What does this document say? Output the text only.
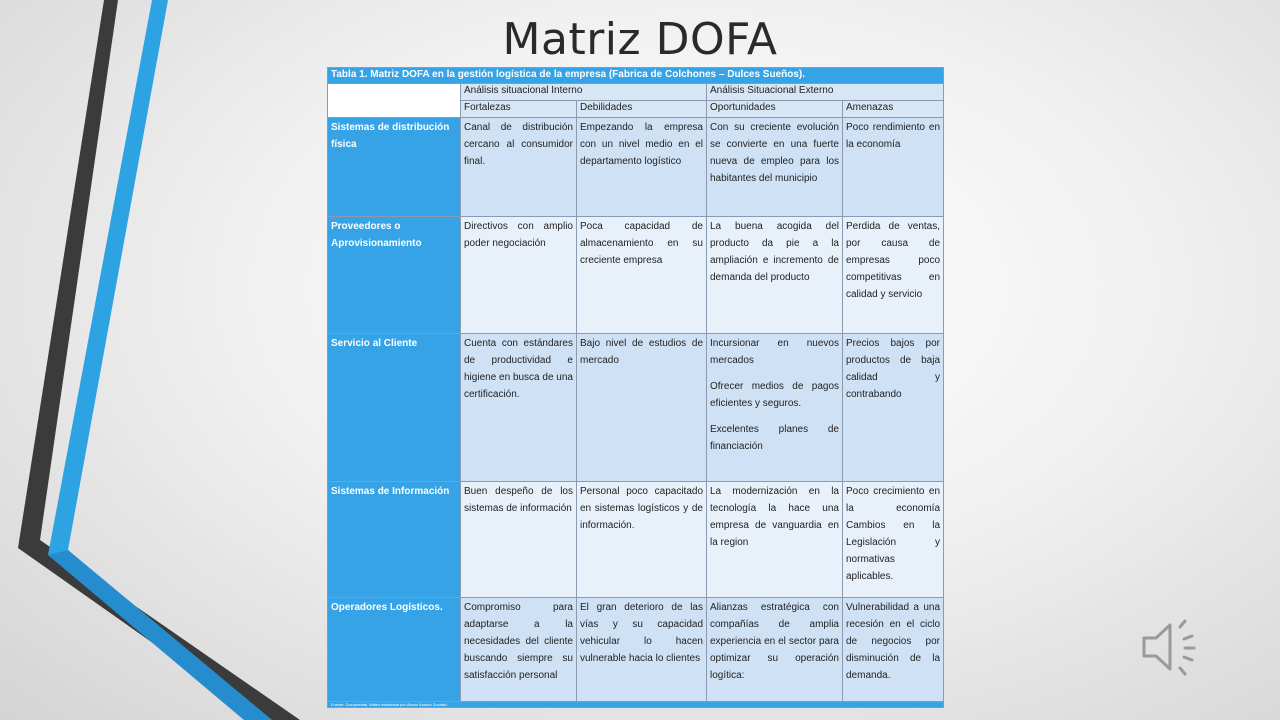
Matriz DOFA
Tabla 1. Matriz DOFA en la gestión logística de la empresa (Fabrica de Colchones – Dulces Sueños).				
	Análisis situacional Interno		Análisis Situacional Externo	
	Fortalezas	Debilidades	Oportunidades	Amenazas
Sistemas de distribución física	Canal de distribución cercano al consumidor final.	Empezando la empresa con un nivel medio en el departamento logístico	Con su creciente evolución se convierte en una fuerte nueva de empleo para los habitantes del municipio	Poco rendimiento en la economía
Proveedores o Aprovisionamiento	Directivos con amplio poder negociación	Poca capacidad de almacenamiento en su creciente empresa	La buena acogida del producto da pie a la ampliación e incremento de demanda del producto	Perdida de ventas, por causa de empresas poco competitivas en calidad y servicio
Servicio al Cliente	Cuenta con estándares de productividad e higiene en busca de una certificación.	Bajo nivel de estudios de mercado	Incursionar en nuevos mercados

Ofrecer medios de pagos eficientes y seguros.

Excelentes planes de financiación	Precios bajos por productos de baja calidad y contrabando
Sistemas de Información	Buen despeño de los sistemas de información	Personal poco capacitado en sistemas logísticos y de información.	La modernización en la tecnología la hace una empresa de vanguardia en la region	Poco crecimiento en la economía Cambios en la Legislación y normativas aplicables.
Operadores Logísticos.	Compromiso para adaptarse a la necesidades del cliente buscando siempre su satisfacción personal	El gran deterioro de las vías y su capacidad vehicular lo hacen vulnerable hacia lo clientes	Alianzas estratégica con compañías de amplia experiencia en el sector para optimizar su operación logítica:	Vulnerabilidad a una recesión en el ciclo de negocios por disminución de la demanda.
Fuente: Documental. Matriz elaborada por Alvaro Andres Zuvaliet				
